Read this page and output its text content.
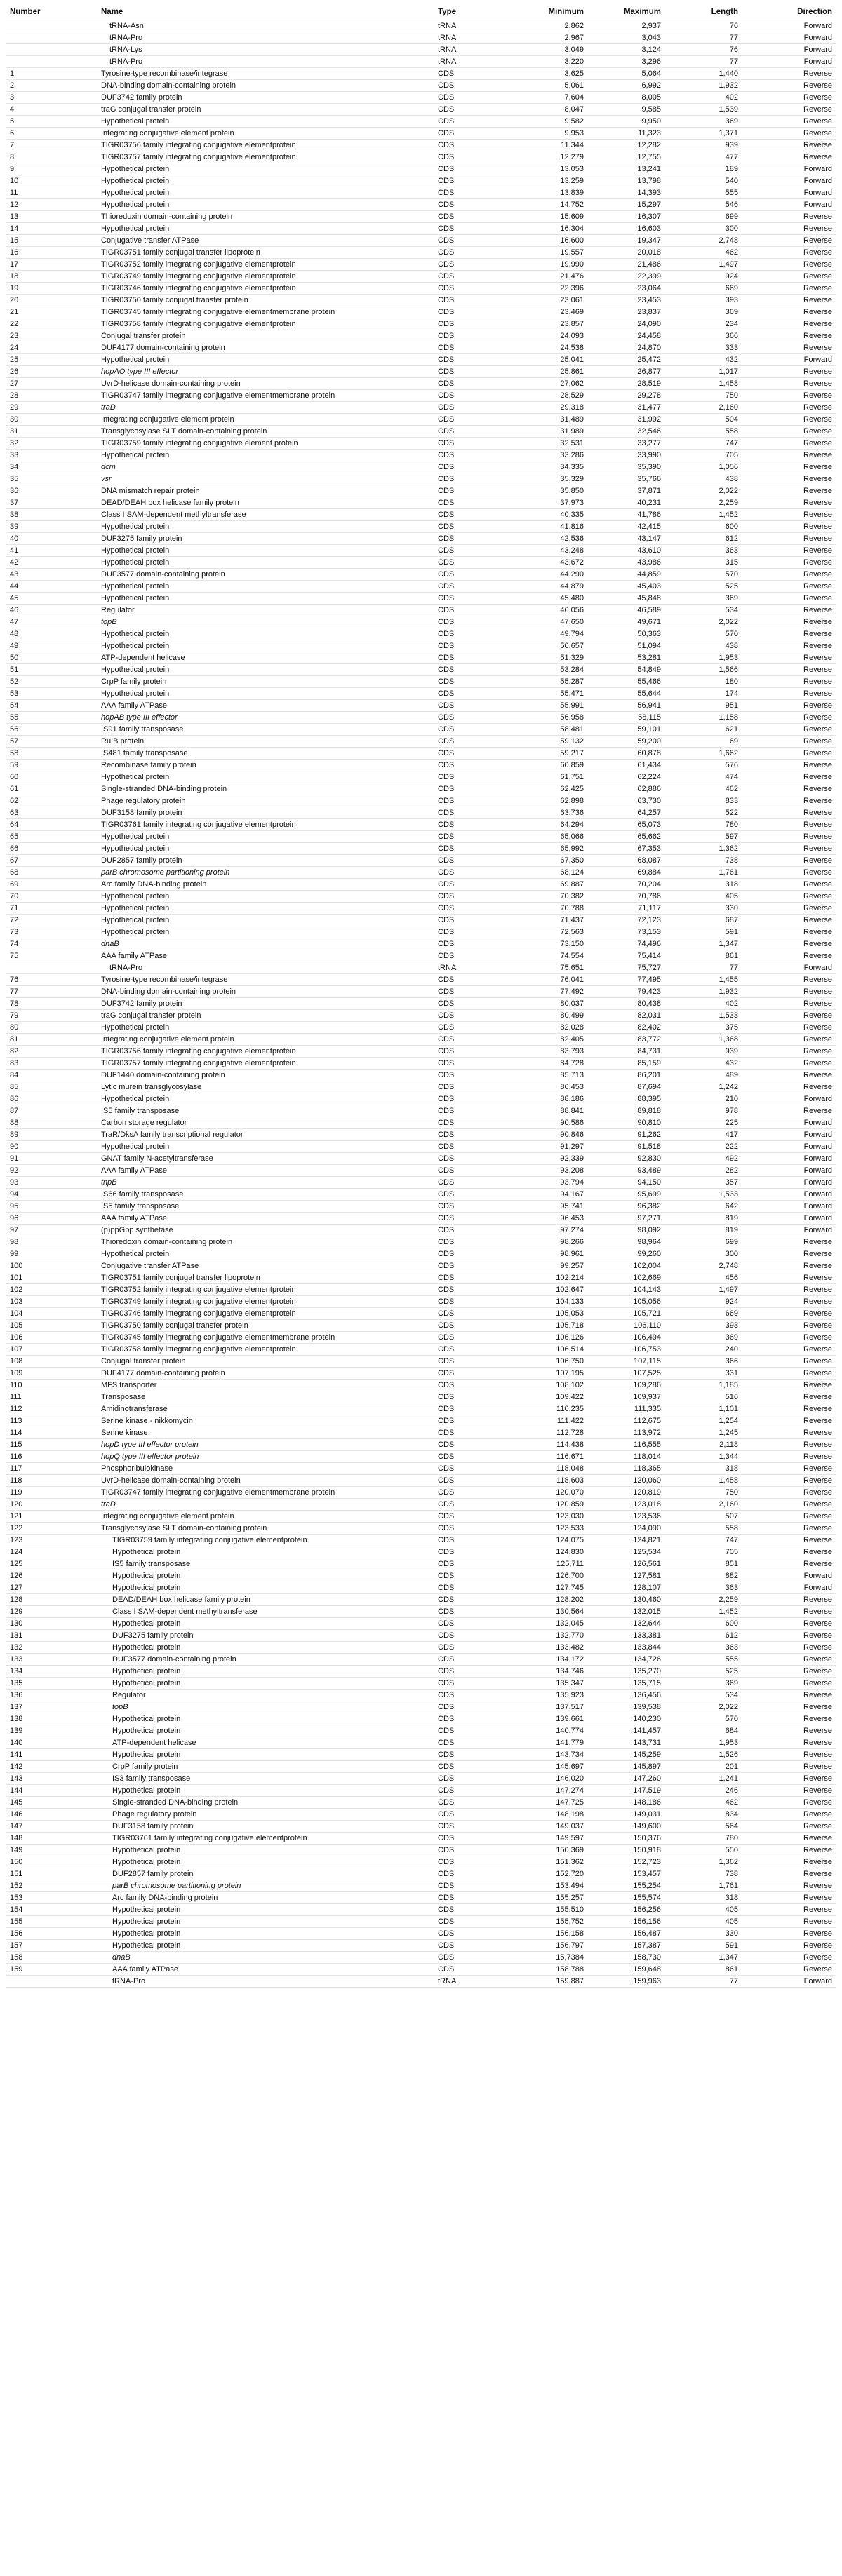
Number	Name	Type	Minimum	Maximum	Length	Direction
	tRNA-Asn	tRNA	2,862	2,937	76	Forward
	tRNA-Pro	tRNA	2,967	3,043	77	Forward
	tRNA-Lys	tRNA	3,049	3,124	76	Forward
	tRNA-Pro	tRNA	3,220	3,296	77	Forward
1	Tyrosine-type recombinase/integrase	CDS	3,625	5,064	1,440	Reverse
2	DNA-binding domain-containing protein	CDS	5,061	6,992	1,932	Reverse
3	DUF3742 family protein	CDS	7,604	8,005	402	Reverse
4	traG conjugal transfer protein	CDS	8,047	9,585	1,539	Reverse
5	Hypothetical protein	CDS	9,582	9,950	369	Reverse
6	Integrating conjugative element protein	CDS	9,953	11,323	1,371	Reverse
7	TIGR03756 family integrating conjugative elementprotein	CDS	11,344	12,282	939	Reverse
8	TIGR03757 family integrating conjugative elementprotein	CDS	12,279	12,755	477	Reverse
9	Hypothetical protein	CDS	13,053	13,241	189	Forward
10	Hypothetical protein	CDS	13,259	13,798	540	Forward
11	Hypothetical protein	CDS	13,839	14,393	555	Forward
12	Hypothetical protein	CDS	14,752	15,297	546	Forward
13	Thioredoxin domain-containing protein	CDS	15,609	16,307	699	Reverse
14	Hypothetical protein	CDS	16,304	16,603	300	Reverse
15	Conjugative transfer ATPase	CDS	16,600	19,347	2,748	Reverse
16	TIGR03751 family conjugal transfer lipoprotein	CDS	19,557	20,018	462	Reverse
17	TIGR03752 family integrating conjugative elementprotein	CDS	19,990	21,486	1,497	Reverse
18	TIGR03749 family integrating conjugative elementprotein	CDS	21,476	22,399	924	Reverse
19	TIGR03746 family integrating conjugative elementprotein	CDS	22,396	23,064	669	Reverse
20	TIGR03750 family conjugal transfer protein	CDS	23,061	23,453	393	Reverse
21	TIGR03745 family integrating conjugative elementmembrane protein	CDS	23,469	23,837	369	Reverse
22	TIGR03758 family integrating conjugative elementprotein	CDS	23,857	24,090	234	Reverse
23	Conjugal transfer protein	CDS	24,093	24,458	366	Reverse
24	DUF4177 domain-containing protein	CDS	24,538	24,870	333	Reverse
25	Hypothetical protein	CDS	25,041	25,472	432	Forward
26	hopAO type III effector	CDS	25,861	26,877	1,017	Reverse
27	UvrD-helicase domain-containing protein	CDS	27,062	28,519	1,458	Reverse
28	TIGR03747 family integrating conjugative elementmembrane protein	CDS	28,529	29,278	750	Reverse
29	traD	CDS	29,318	31,477	2,160	Reverse
30	Integrating conjugative element protein	CDS	31,489	31,992	504	Reverse
31	Transglycosylase SLT domain-containing protein	CDS	31,989	32,546	558	Reverse
32	TIGR03759 family integrating conjugative element protein	CDS	32,531	33,277	747	Reverse
33	Hypothetical protein	CDS	33,286	33,990	705	Reverse
34	dcm	CDS	34,335	35,390	1,056	Reverse
35	vsr	CDS	35,329	35,766	438	Reverse
36	DNA mismatch repair protein	CDS	35,850	37,871	2,022	Reverse
37	DEAD/DEAH box helicase family protein	CDS	37,973	40,231	2,259	Reverse
38	Class I SAM-dependent methyltransferase	CDS	40,335	41,786	1,452	Reverse
39	Hypothetical protein	CDS	41,816	42,415	600	Reverse
40	DUF3275 family protein	CDS	42,536	43,147	612	Reverse
41	Hypothetical protein	CDS	43,248	43,610	363	Reverse
42	Hypothetical protein	CDS	43,672	43,986	315	Reverse
43	DUF3577 domain-containing protein	CDS	44,290	44,859	570	Reverse
44	Hypothetical protein	CDS	44,879	45,403	525	Reverse
45	Hypothetical protein	CDS	45,480	45,848	369	Reverse
46	Regulator	CDS	46,056	46,589	534	Reverse
47	topB	CDS	47,650	49,671	2,022	Reverse
48	Hypothetical protein	CDS	49,794	50,363	570	Reverse
49	Hypothetical protein	CDS	50,657	51,094	438	Reverse
50	ATP-dependent helicase	CDS	51,329	53,281	1,953	Reverse
51	Hypothetical protein	CDS	53,284	54,849	1,566	Reverse
52	CrpP family protein	CDS	55,287	55,466	180	Reverse
53	Hypothetical protein	CDS	55,471	55,644	174	Reverse
54	AAA family ATPase	CDS	55,991	56,941	951	Reverse
55	hopAB type III effector	CDS	56,958	58,115	1,158	Reverse
56	IS91 family transposase	CDS	58,481	59,101	621	Reverse
57	RuIB protein	CDS	59,132	59,200	69	Reverse
58	IS481 family transposase	CDS	59,217	60,878	1,662	Reverse
59	Recombinase family protein	CDS	60,859	61,434	576	Reverse
60	Hypothetical protein	CDS	61,751	62,224	474	Reverse
61	Single-stranded DNA-binding protein	CDS	62,425	62,886	462	Reverse
62	Phage regulatory protein	CDS	62,898	63,730	833	Reverse
63	DUF3158 family protein	CDS	63,736	64,257	522	Reverse
64	TIGR03761 family integrating conjugative elementprotein	CDS	64,294	65,073	780	Reverse
65	Hypothetical protein	CDS	65,066	65,662	597	Reverse
66	Hypothetical protein	CDS	65,992	67,353	1,362	Reverse
67	DUF2857 family protein	CDS	67,350	68,087	738	Reverse
68	parB chromosome partitioning protein	CDS	68,124	69,884	1,761	Reverse
69	Arc family DNA-binding protein	CDS	69,887	70,204	318	Reverse
70	Hypothetical protein	CDS	70,382	70,786	405	Reverse
71	Hypothetical protein	CDS	70,788	71,117	330	Reverse
72	Hypothetical protein	CDS	71,437	72,123	687	Reverse
73	Hypothetical protein	CDS	72,563	73,153	591	Reverse
74	dnaB	CDS	73,150	74,496	1,347	Reverse
75	AAA family ATPase	CDS	74,554	75,414	861	Reverse
	tRNA-Pro	tRNA	75,651	75,727	77	Forward
76	Tyrosine-type recombinase/integrase	CDS	76,041	77,495	1,455	Reverse
77	DNA-binding domain-containing protein	CDS	77,492	79,423	1,932	Reverse
78	DUF3742 family protein	CDS	80,037	80,438	402	Reverse
79	traG conjugal transfer protein	CDS	80,499	82,031	1,533	Reverse
80	Hypothetical protein	CDS	82,028	82,402	375	Reverse
81	Integrating conjugative element protein	CDS	82,405	83,772	1,368	Reverse
82	TIGR03756 family integrating conjugative elementprotein	CDS	83,793	84,731	939	Reverse
83	TIGR03757 family integrating conjugative elementprotein	CDS	84,728	85,159	432	Reverse
84	DUF1440 domain-containing protein	CDS	85,713	86,201	489	Reverse
85	Lytic murein transglycosylase	CDS	86,453	87,694	1,242	Reverse
86	Hypothetical protein	CDS	88,186	88,395	210	Forward
87	IS5 family transposase	CDS	88,841	89,818	978	Reverse
88	Carbon storage regulator	CDS	90,586	90,810	225	Forward
89	TraR/DksA family transcriptional regulator	CDS	90,846	91,262	417	Forward
90	Hypothetical protein	CDS	91,297	91,518	222	Forward
91	GNAT family N-acetyltransferase	CDS	92,339	92,830	492	Forward
92	AAA family ATPase	CDS	93,208	93,489	282	Forward
93	tnpB	CDS	93,794	94,150	357	Forward
94	IS66 family transposase	CDS	94,167	95,699	1,533	Forward
95	IS5 family transposase	CDS	95,741	96,382	642	Forward
96	AAA family ATPase	CDS	96,453	97,271	819	Forward
97	(p)ppGpp synthetase	CDS	97,274	98,092	819	Forward
98	Thioredoxin domain-containing protein	CDS	98,266	98,964	699	Reverse
99	Hypothetical protein	CDS	98,961	99,260	300	Reverse
100	Conjugative transfer ATPase	CDS	99,257	102,004	2,748	Reverse
101	TIGR03751 family conjugal transfer lipoprotein	CDS	102,214	102,669	456	Reverse
102	TIGR03752 family integrating conjugative elementprotein	CDS	102,647	104,143	1,497	Reverse
103	TIGR03749 family integrating conjugative elementprotein	CDS	104,133	105,056	924	Reverse
104	TIGR03746 family integrating conjugative elementprotein	CDS	105,053	105,721	669	Reverse
105	TIGR03750 family conjugal transfer protein	CDS	105,718	106,110	393	Reverse
106	TIGR03745 family integrating conjugative elementmembrane protein	CDS	106,126	106,494	369	Reverse
107	TIGR03758 family integrating conjugative elementprotein	CDS	106,514	106,753	240	Reverse
108	Conjugal transfer protein	CDS	106,750	107,115	366	Reverse
109	DUF4177 domain-containing protein	CDS	107,195	107,525	331	Reverse
110	MFS transporter	CDS	108,102	109,286	1,185	Reverse
111	Transposase	CDS	109,422	109,937	516	Reverse
112	Amidinotransferase	CDS	110,235	111,335	1,101	Reverse
113	Serine kinase - nikkomycin	CDS	111,422	112,675	1,254	Reverse
114	Serine kinase	CDS	112,728	113,972	1,245	Reverse
115	hopD type III effector protein	CDS	114,438	116,555	2,118	Reverse
116	hopQ type III effector protein	CDS	116,671	118,014	1,344	Reverse
117	Phosphoribulokinase	CDS	118,048	118,365	318	Reverse
118	UvrD-helicase domain-containing protein	CDS	118,603	120,060	1,458	Reverse
119	TIGR03747 family integrating conjugative elementmembrane protein	CDS	120,070	120,819	750	Reverse
120	traD	CDS	120,859	123,018	2,160	Reverse
121	Integrating conjugative element protein	CDS	123,030	123,536	507	Reverse
122	Transglycosylase SLT domain-containing protein	CDS	123,533	124,090	558	Reverse
123	TIGR03759 family integrating conjugative elementprotein	CDS	124,075	124,821	747	Reverse
124	Hypothetical protein	CDS	124,830	125,534	705	Reverse
125	IS5 family transposase	CDS	125,711	126,561	851	Reverse
126	Hypothetical protein	CDS	126,700	127,581	882	Forward
127	Hypothetical protein	CDS	127,745	128,107	363	Forward
128	DEAD/DEAH box helicase family protein	CDS	128,202	130,460	2,259	Reverse
129	Class I SAM-dependent methyltransferase	CDS	130,564	132,015	1,452	Reverse
130	Hypothetical protein	CDS	132,045	132,644	600	Reverse
131	DUF3275 family protein	CDS	132,770	133,381	612	Reverse
132	Hypothetical protein	CDS	133,482	133,844	363	Reverse
133	DUF3577 domain-containing protein	CDS	134,172	134,726	555	Reverse
134	Hypothetical protein	CDS	134,746	135,270	525	Reverse
135	Hypothetical protein	CDS	135,347	135,715	369	Reverse
136	Regulator	CDS	135,923	136,456	534	Reverse
137	topB	CDS	137,517	139,538	2,022	Reverse
138	Hypothetical protein	CDS	139,661	140,230	570	Reverse
139	Hypothetical protein	CDS	140,774	141,457	684	Reverse
140	ATP-dependent helicase	CDS	141,779	143,731	1,953	Reverse
141	Hypothetical protein	CDS	143,734	145,259	1,526	Reverse
142	CrpP family protein	CDS	145,697	145,897	201	Reverse
143	IS3 family transposase	CDS	146,020	147,260	1,241	Reverse
144	Hypothetical protein	CDS	147,274	147,519	246	Reverse
145	Single-stranded DNA-binding protein	CDS	147,725	148,186	462	Reverse
146	Phage regulatory protein	CDS	148,198	149,031	834	Reverse
147	DUF3158 family protein	CDS	149,037	149,600	564	Reverse
148	TIGR03761 family integrating conjugative elementprotein	CDS	149,597	150,376	780	Reverse
149	Hypothetical protein	CDS	150,369	150,918	550	Reverse
150	Hypothetical protein	CDS	151,362	152,723	1,362	Reverse
151	DUF2857 family protein	CDS	152,720	153,457	738	Reverse
152	parB chromosome partitioning protein	CDS	153,494	155,254	1,761	Reverse
153	Arc family DNA-binding protein	CDS	155,257	155,574	318	Reverse
154	Hypothetical protein	CDS	155,510	156,256	405	Reverse
155	Hypothetical protein	CDS	155,752	156,156	405	Reverse
156	Hypothetical protein	CDS	156,158	156,487	330	Reverse
157	Hypothetical protein	CDS	156,797	157,387	591	Reverse
158	dnaB	CDS	15,7384	158,730	1,347	Reverse
159	AAA family ATPase	CDS	158,788	159,648	861	Reverse
	tRNA-Pro	tRNA	159,887	159,963	77	Forward
